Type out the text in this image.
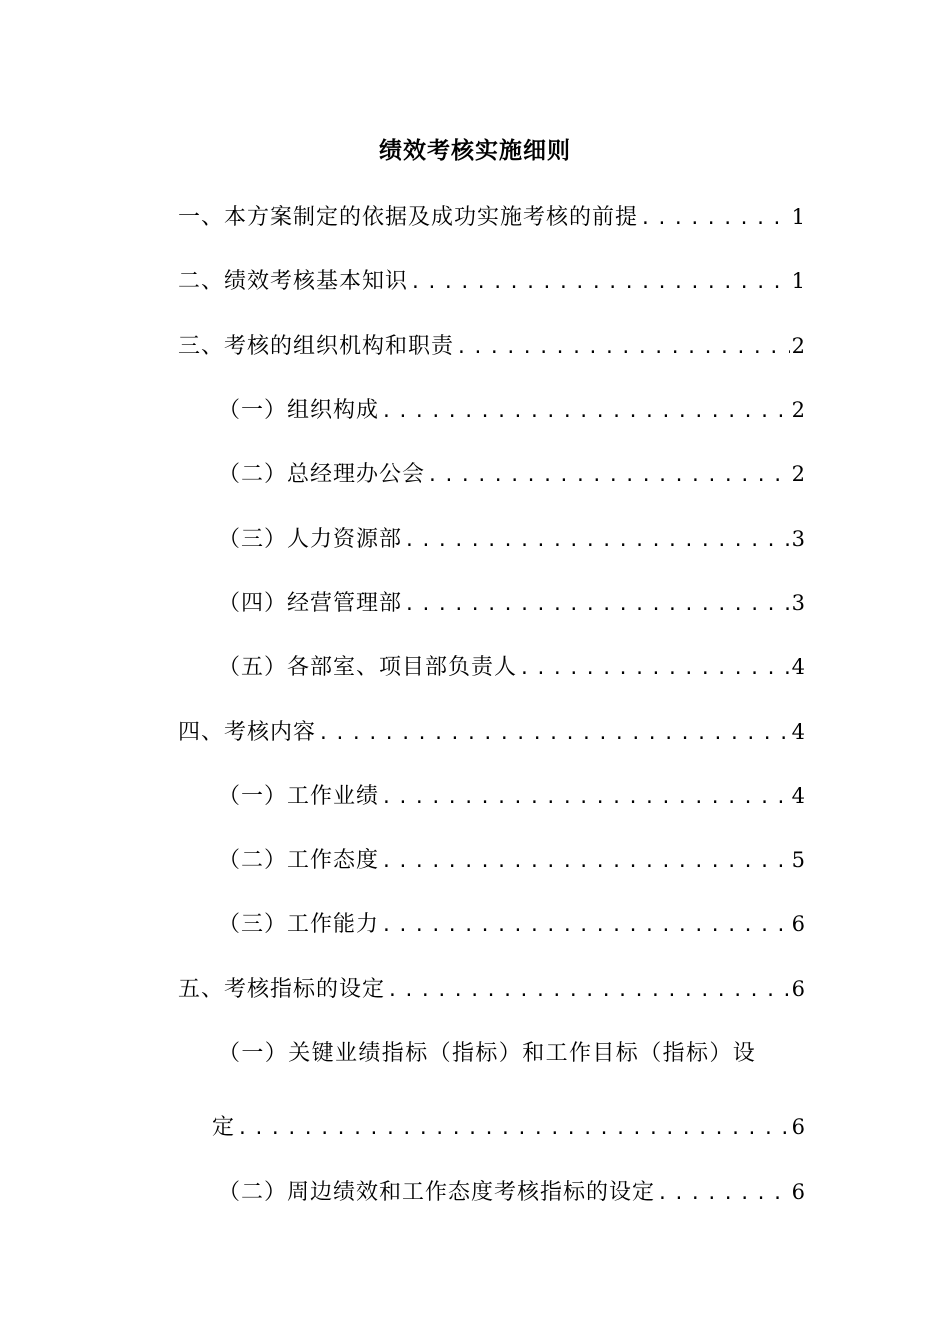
绩效考核实施细则
一、本方案制定的依据及成功实施考核的前提 .....	1
二、绩效考核基本知识 .....	1
三、考核的组织机构和职责 .....	2
（一）组织构成 .....	2
（二）总经理办公会 .....	2
（三）人力资源部 .....	3
（四）经营管理部 .....	3
（五）各部室、项目部负责人 .....	4
四、考核内容 .....	4
（一）工作业绩 .....	4
（二）工作态度 .....	5
（三）工作能力 .....	6
五、考核指标的设定 .....	6
（一）关键业绩指标（指标）和工作目标（指标）设
定 .....	6
（二）周边绩效和工作态度考核指标的设定 .....	6
